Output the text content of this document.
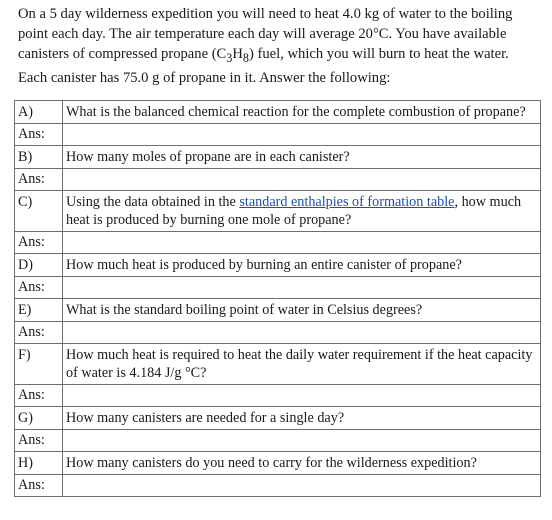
On a 5 day wilderness expedition you will need to heat 4.0 kg of water to the boiling point each day. The air temperature each day will average 20°C. You have available canisters of compressed propane $(C_3H_8)$ fuel, which you will burn to heat the water. Each canister has 75.0 g of propane in it. Answer the following:

A)	What is the balanced chemical reaction for the complete combustion of propane?
Ans:	
B)	How many moles of propane are in each canister?
Ans:	
C)	Using the data obtained in the standard enthalpies of formation table, how much heat is produced by burning one mole of propane?
Ans:	
D)	How much heat is produced by burning an entire canister of propane?
Ans:	
E)	What is the standard boiling point of water in Celsius degrees?
Ans:	
F)	How much heat is required to heat the daily water requirement if the heat capacity of water is 4.184 J/g °C?
Ans:	
G)	How many canisters are needed for a single day?
Ans:	
H)	How many canisters do you need to carry for the wilderness expedition?
Ans:	
